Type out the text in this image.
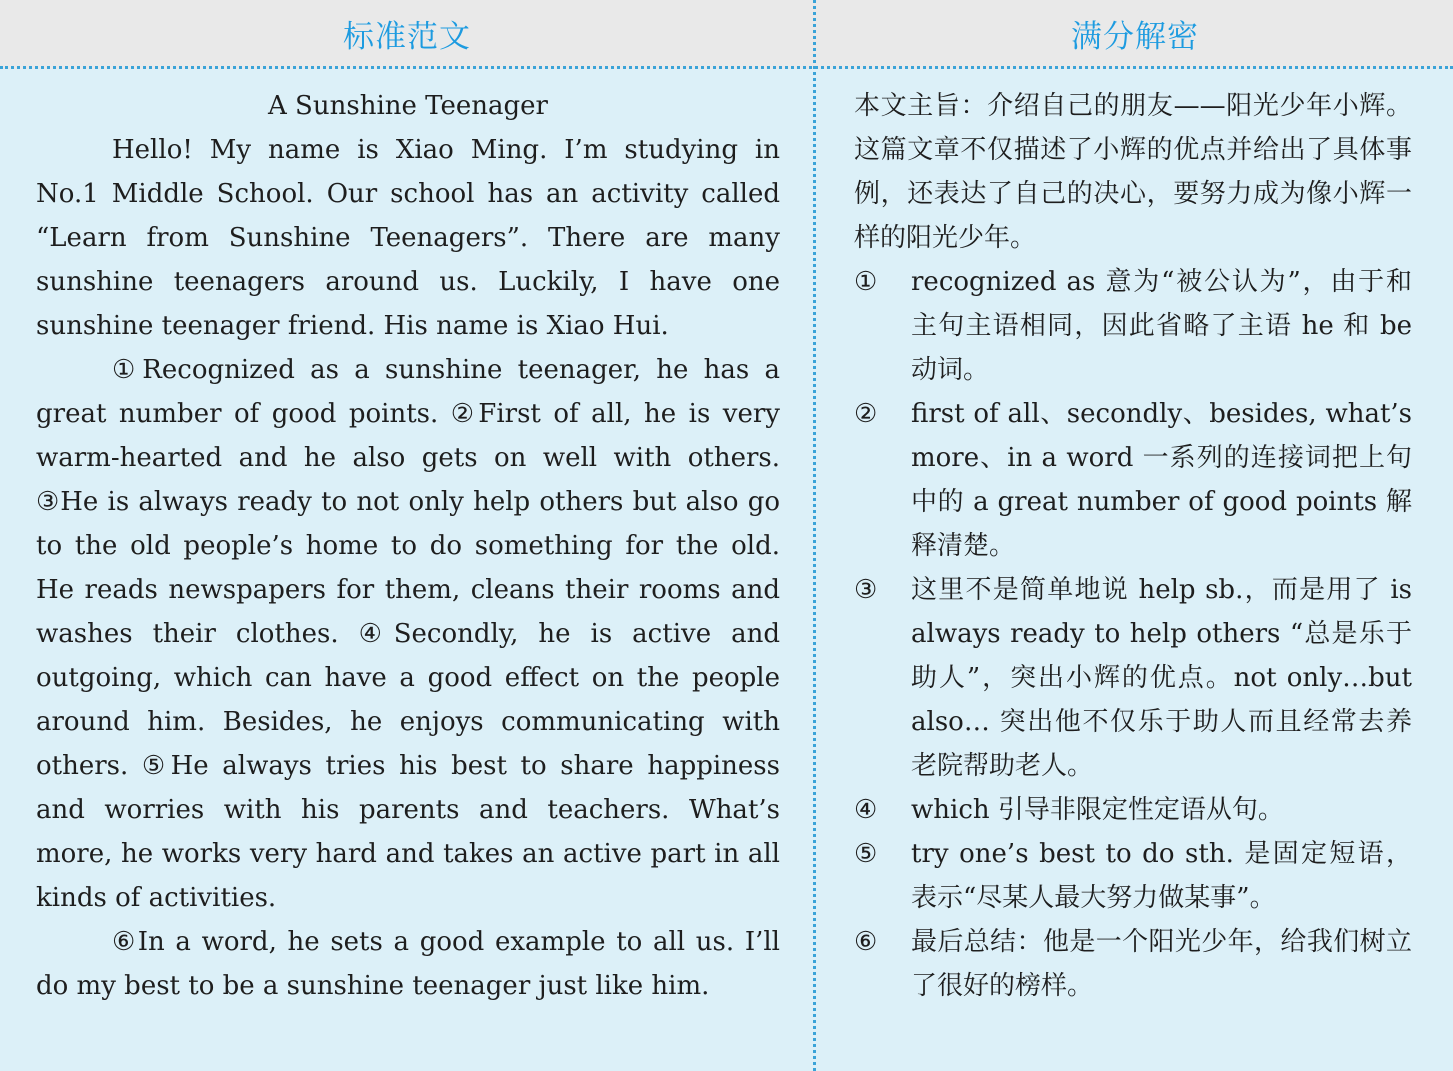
标准范文	满分解密
A Sunshine Teenager

Hello! My name is Xiao Ming. I’m studying in No.1 Middle School. Our school has an activity called “Learn from Sunshine Teenagers”. There are many sunshine teenagers around us. Luckily, I have one sunshine teenager friend. His name is Xiao Hui.

①Recognized as a sunshine teenager, he has a great number of good points. ②First of all, he is very warm-hearted and he also gets on well with others. ③He is always ready to not only help others but also go to the old people’s home to do something for the old. He reads newspapers for them, cleans their rooms and washes their clothes. ④Secondly, he is active and outgoing, which can have a good effect on the people around him. Besides, he enjoys communicating with others. ⑤He always tries his best to share happiness and worries with his parents and teachers. What’s more, he works very hard and takes an active part in all kinds of activities.

⑥In a word, he sets a good example to all us. I’ll do my best to be a sunshine teenager just like him.

本文主旨：介绍自己的朋友——阳光少年小辉。这篇文章不仅描述了小辉的优点并给出了具体事例，还表达了自己的决心，要努力成为像小辉一样的阳光少年。

①	recognized as 意为“被公认为”，由于和主句主语相同，因此省略了主语 he 和 be 动词。

②	first of all、secondly、besides, what’s more、in a word 一系列的连接词把上句中的 a great number of good points 解释清楚。

③	这里不是简单地说 help sb.，而是用了 is always ready to help others “总是乐于助人”，突出小辉的优点。not only…but also… 突出他不仅乐于助人而且经常去养老院帮助老人。

④	which 引导非限定性定语从句。

⑤	try one’s best to do sth. 是固定短语，表示“尽某人最大努力做某事”。

⑥	最后总结：他是一个阳光少年，给我们树立了很好的榜样。
